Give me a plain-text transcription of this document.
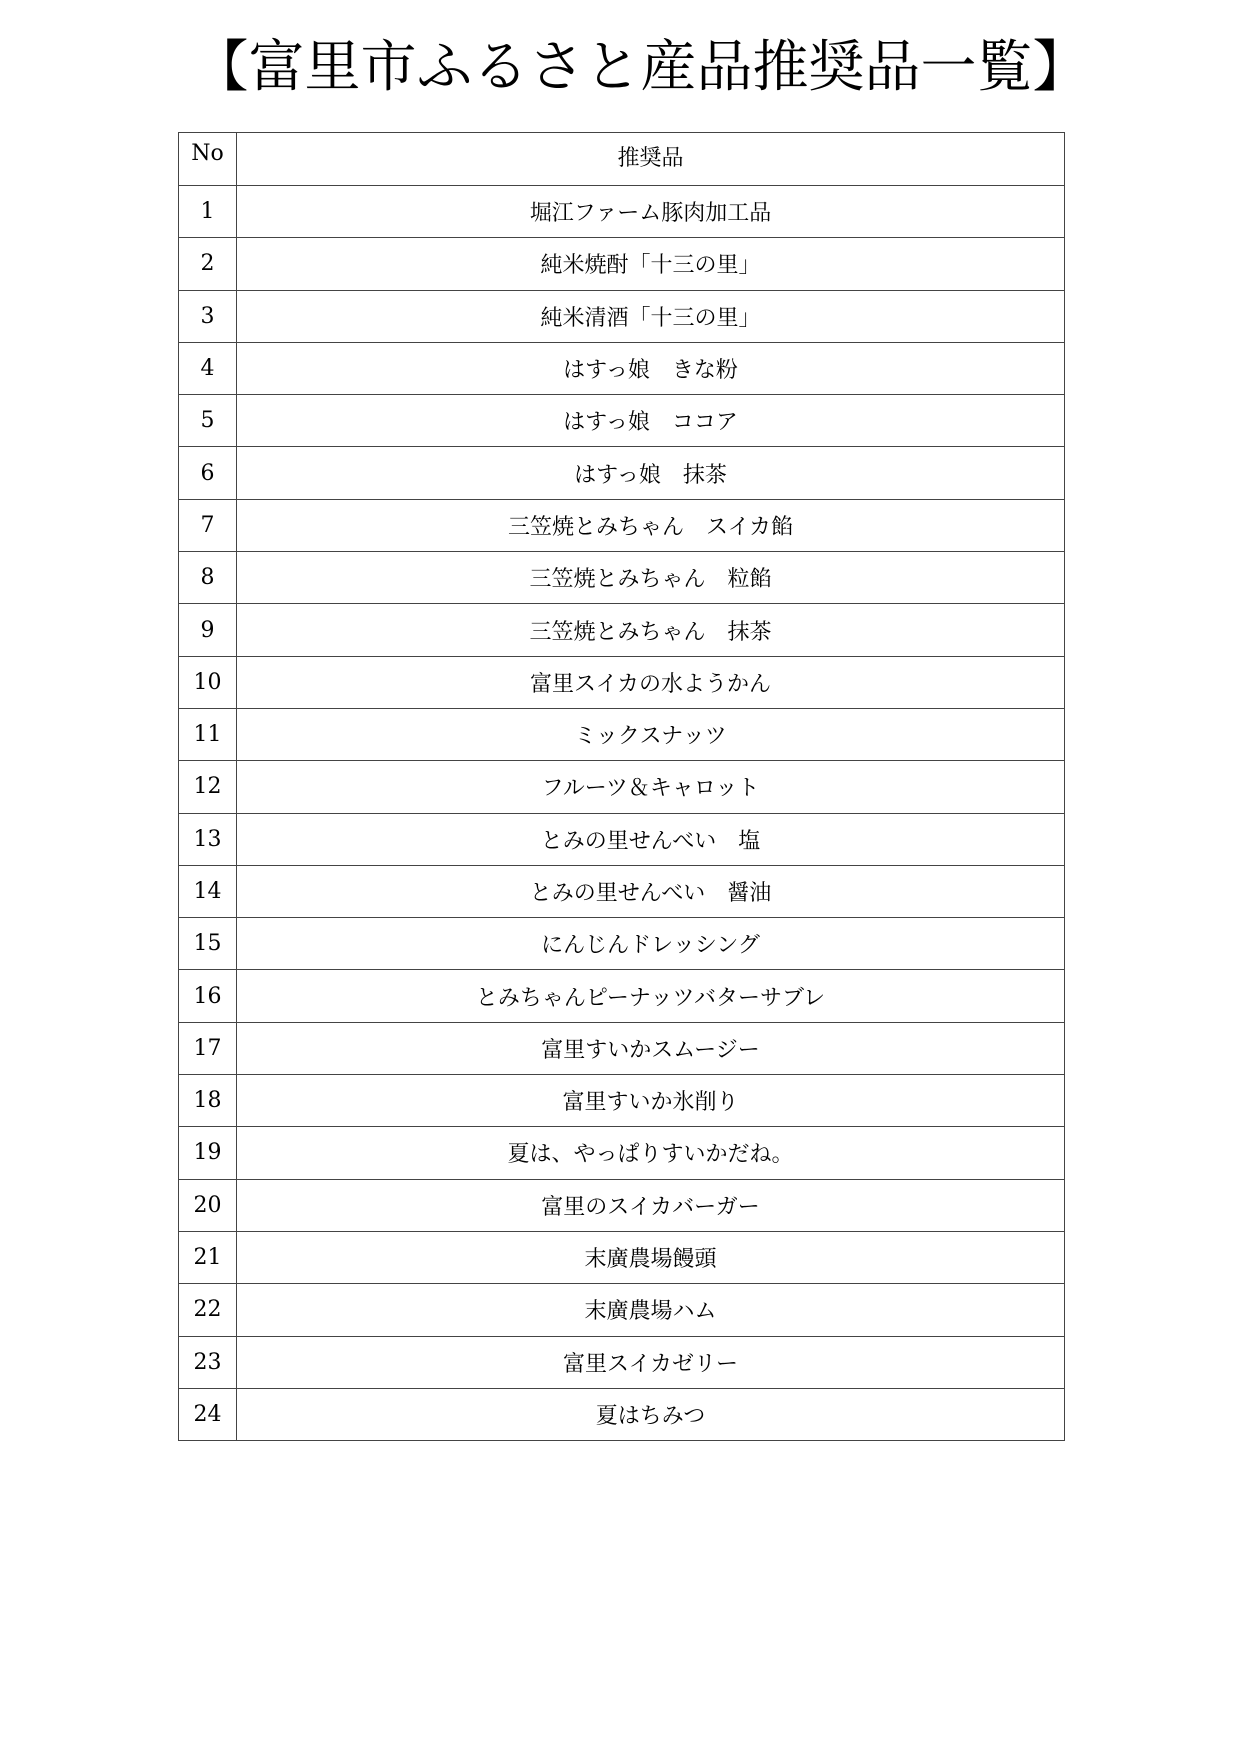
【富里市ふるさと産品推奨品一覧】
No	推奨品
1	堀江ファーム豚肉加工品
2	純米焼酎「十三の里」
3	純米清酒「十三の里」
4	はすっ娘　きな粉
5	はすっ娘　ココア
6	はすっ娘　抹茶
7	三笠焼とみちゃん　スイカ餡
8	三笠焼とみちゃん　粒餡
9	三笠焼とみちゃん　抹茶
10	富里スイカの水ようかん
11	ミックスナッツ
12	フルーツ＆キャロット
13	とみの里せんべい　塩
14	とみの里せんべい　醤油
15	にんじんドレッシング
16	とみちゃんピーナッツバターサブレ
17	富里すいかスムージー
18	富里すいか氷削り
19	夏は、やっぱりすいかだね。
20	富里のスイカバーガー
21	末廣農場饅頭
22	末廣農場ハム
23	富里スイカゼリー
24	夏はちみつ
